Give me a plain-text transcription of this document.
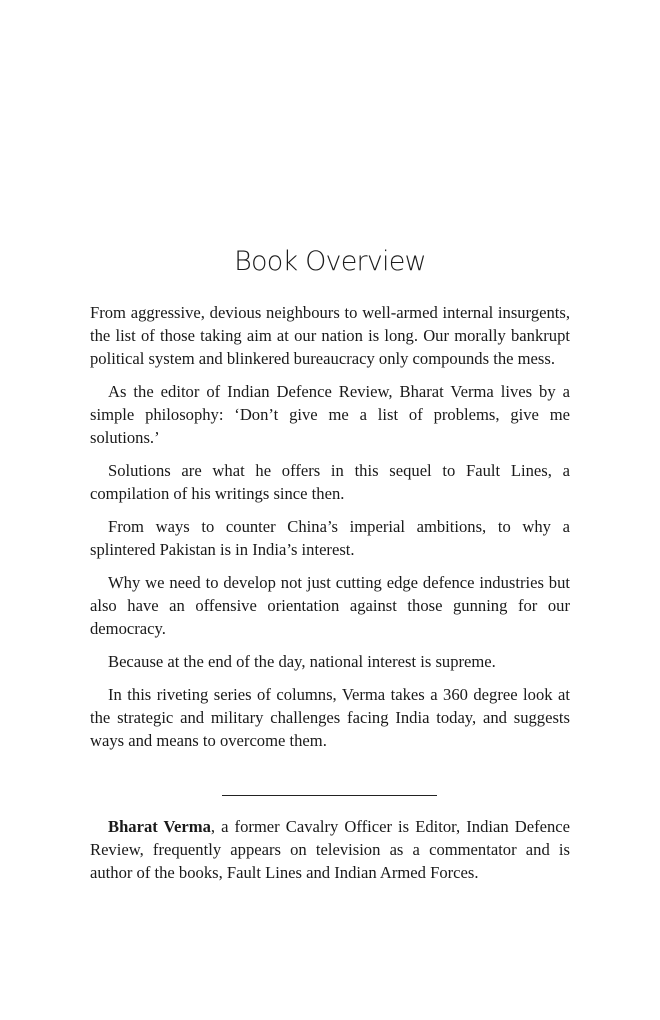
Book Overview

From aggressive, devious neighbours to well-armed internal insurgents, the list of those taking aim at our nation is long. Our morally bankrupt political system and blinkered bureaucracy only compounds the mess.

As the editor of Indian Defence Review, Bharat Verma lives by a simple philosophy: ‘Don’t give me a list of problems, give me solutions.’

Solutions are what he offers in this sequel to Fault Lines, a compilation of his writings since then.

From ways to counter China’s imperial ambitions, to why a splintered Pakistan is in India’s interest.

Why we need to develop not just cutting edge defence industries but also have an offensive orientation against those gunning for our democracy.

Because at the end of the day, national interest is supreme.

In this riveting series of columns, Verma takes a 360 degree look at the strategic and military challenges facing India today, and suggests ways and means to overcome them.

Bharat Verma, a former Cavalry Officer is Editor, Indian Defence Review, frequently appears on television as a commentator and is author of the books, Fault Lines and Indian Armed Forces.
